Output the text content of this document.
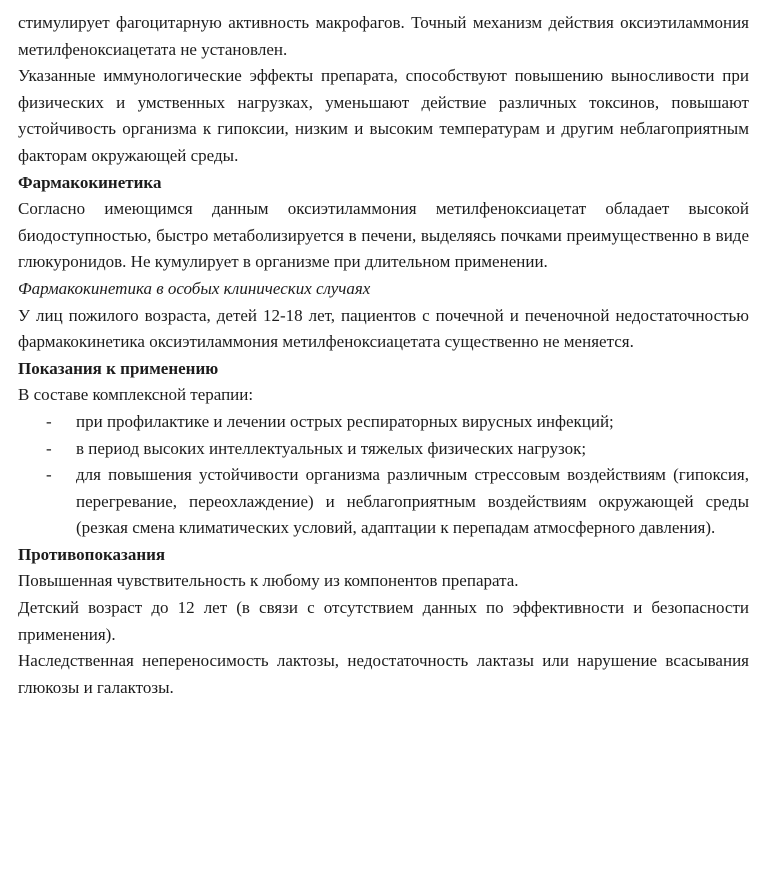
стимулирует фагоцитарную активность макрофагов. Точный механизм действия оксиэтиламмония метилфеноксиацетата не установлен.

Указанные иммунологические эффекты препарата, способствуют повышению выносливости при физических и умственных нагрузках, уменьшают действие различных токсинов, повышают устойчивость организма к гипоксии, низким и высоким температурам и другим неблагоприятным факторам окружающей среды.

Фармакокинетика

Согласно имеющимся данным оксиэтиламмония метилфеноксиацетат обладает высокой биодоступностью, быстро метаболизируется в печени, выделяясь почками преимущественно в виде глюкуронидов. Не кумулирует в организме при длительном применении.

Фармакокинетика в особых клинических случаях

У лиц пожилого возраста, детей 12-18 лет, пациентов с почечной и печеночной недостаточностью фармакокинетика оксиэтиламмония метилфеноксиацетата существенно не меняется.

Показания к применению

В составе комплексной терапии:

- при профилактике и лечении острых респираторных вирусных инфекций;
- в период высоких интеллектуальных и тяжелых физических нагрузок;
- для повышения устойчивости организма различным стрессовым воздействиям (гипоксия, перегревание, переохлаждение) и неблагоприятным воздействиям окружающей среды (резкая смена климатических условий, адаптации к перепадам атмосферного давления).
Противопоказания

Повышенная чувствительность к любому из компонентов препарата.

Детский возраст до 12 лет (в связи с отсутствием данных по эффективности и безопасности применения).

Наследственная непереносимость лактозы, недостаточность лактазы или нарушение всасывания глюкозы и галактозы.
